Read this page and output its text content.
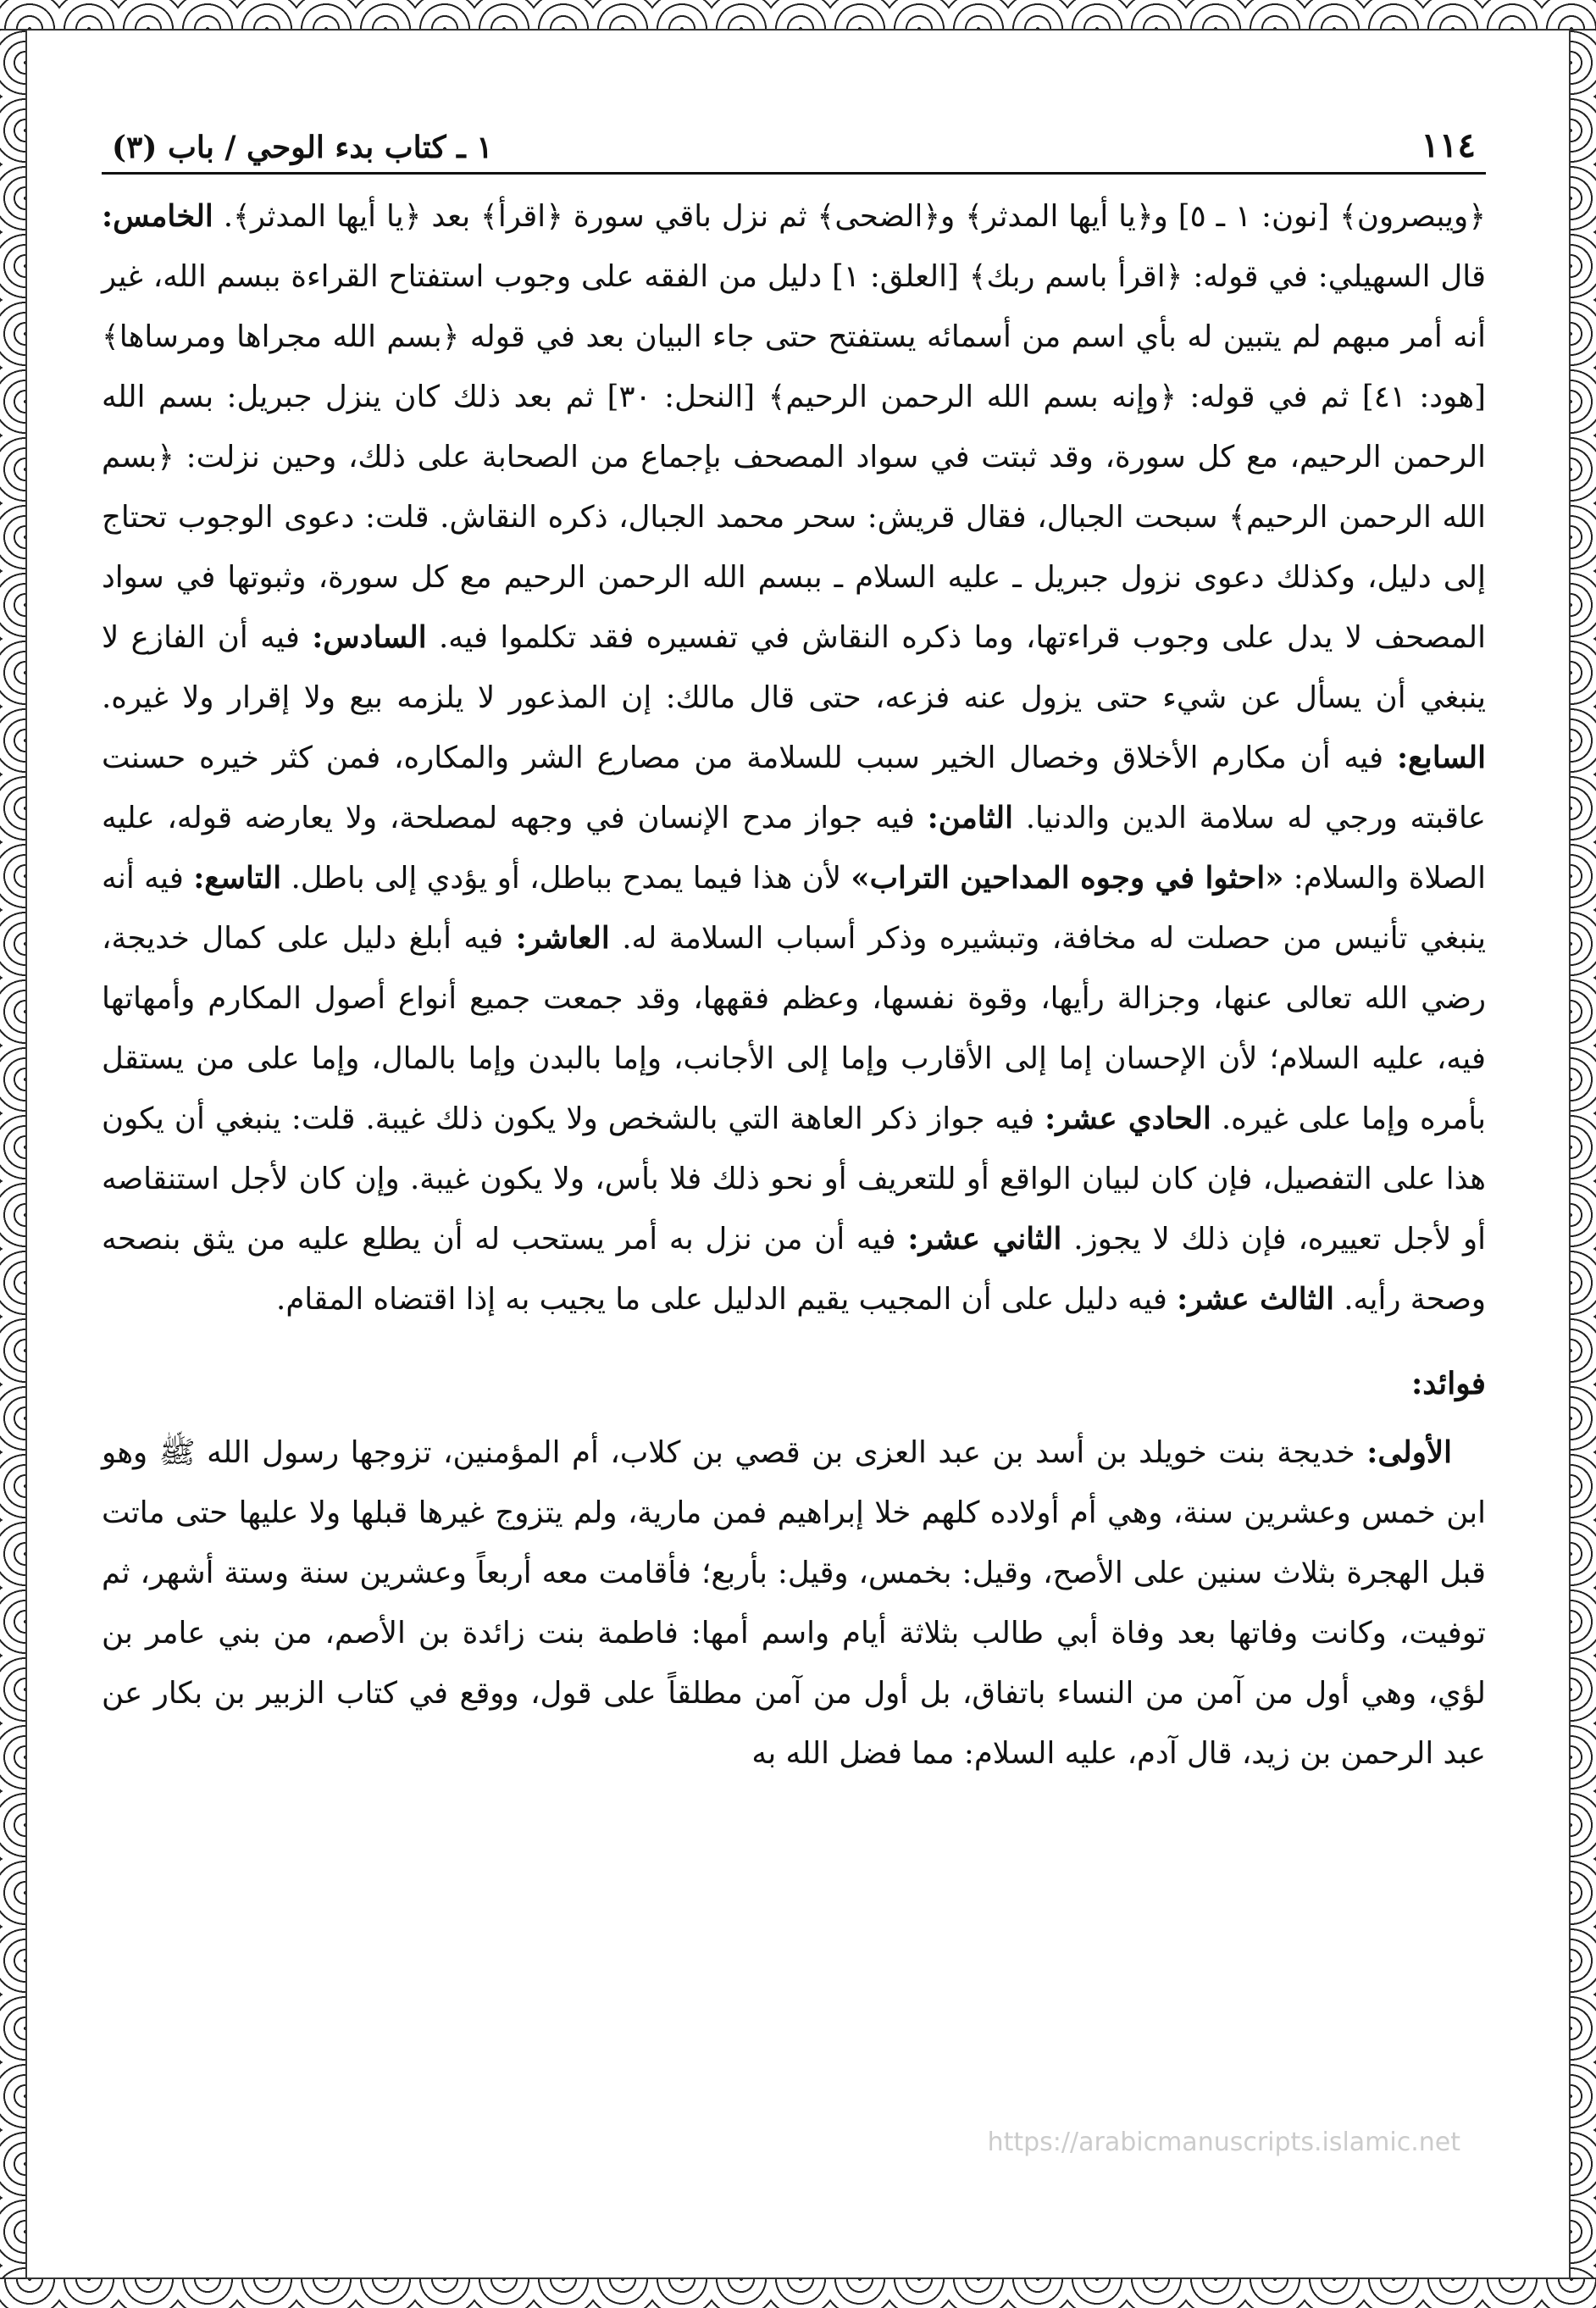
١١٤
١ ـ كتاب بدء الوحي / باب (٣)

﴿ويبصرون﴾ [نون: ١ ـ ٥] و﴿يا أيها المدثر﴾ و﴿الضحى﴾ ثم نزل باقي سورة ﴿اقرأ﴾ بعد ﴿يا أيها المدثر﴾. الخامس: قال السهيلي: في قوله: ﴿اقرأ باسم ربك﴾ [العلق: ١] دليل من الفقه على وجوب استفتاح القراءة ببسم الله، غير أنه أمر مبهم لم يتبين له بأي اسم من أسمائه يستفتح حتى جاء البيان بعد في قوله ﴿بسم الله مجراها ومرساها﴾ [هود: ٤١] ثم في قوله: ﴿وإنه بسم الله الرحمن الرحيم﴾ [النحل: ٣٠] ثم بعد ذلك كان ينزل جبريل: بسم الله الرحمن الرحيم، مع كل سورة، وقد ثبتت في سواد المصحف بإجماع من الصحابة على ذلك، وحين نزلت: ﴿بسم الله الرحمن الرحيم﴾ سبحت الجبال، فقال قريش: سحر محمد الجبال، ذكره النقاش. قلت: دعوى الوجوب تحتاج إلى دليل، وكذلك دعوى نزول جبريل ـ عليه السلام ـ ببسم الله الرحمن الرحيم مع كل سورة، وثبوتها في سواد المصحف لا يدل على وجوب قراءتها، وما ذكره النقاش في تفسيره فقد تكلموا فيه. السادس: فيه أن الفازع لا ينبغي أن يسأل عن شيء حتى يزول عنه فزعه، حتى قال مالك: إن المذعور لا يلزمه بيع ولا إقرار ولا غيره. السابع: فيه أن مكارم الأخلاق وخصال الخير سبب للسلامة من مصارع الشر والمكاره، فمن كثر خيره حسنت عاقبته ورجي له سلامة الدين والدنيا. الثامن: فيه جواز مدح الإنسان في وجهه لمصلحة، ولا يعارضه قوله، عليه الصلاة والسلام: «احثوا في وجوه المداحين التراب» لأن هذا فيما يمدح بباطل، أو يؤدي إلى باطل. التاسع: فيه أنه ينبغي تأنيس من حصلت له مخافة، وتبشيره وذكر أسباب السلامة له. العاشر: فيه أبلغ دليل على كمال خديجة، رضي الله تعالى عنها، وجزالة رأيها، وقوة نفسها، وعظم فقهها، وقد جمعت جميع أنواع أصول المكارم وأمهاتها فيه، عليه السلام؛ لأن الإحسان إما إلى الأقارب وإما إلى الأجانب، وإما بالبدن وإما بالمال، وإما على من يستقل بأمره وإما على غيره. الحادي عشر: فيه جواز ذكر العاهة التي بالشخص ولا يكون ذلك غيبة. قلت: ينبغي أن يكون هذا على التفصيل، فإن كان لبيان الواقع أو للتعريف أو نحو ذلك فلا بأس، ولا يكون غيبة. وإن كان لأجل استنقاصه أو لأجل تعييره، فإن ذلك لا يجوز. الثاني عشر: فيه أن من نزل به أمر يستحب له أن يطلع عليه من يثق بنصحه وصحة رأيه. الثالث عشر: فيه دليل على أن المجيب يقيم الدليل على ما يجيب به إذا اقتضاه المقام.

فوائد:

الأولى: خديجة بنت خويلد بن أسد بن عبد العزى بن قصي بن كلاب، أم المؤمنين، تزوجها رسول الله ﷺ وهو ابن خمس وعشرين سنة، وهي أم أولاده كلهم خلا إبراهيم فمن مارية، ولم يتزوج غيرها قبلها ولا عليها حتى ماتت قبل الهجرة بثلاث سنين على الأصح، وقيل: بخمس، وقيل: بأربع؛ فأقامت معه أربعاً وعشرين سنة وستة أشهر، ثم توفيت، وكانت وفاتها بعد وفاة أبي طالب بثلاثة أيام واسم أمها: فاطمة بنت زائدة بن الأصم، من بني عامر بن لؤي، وهي أول من آمن من النساء باتفاق، بل أول من آمن مطلقاً على قول، ووقع في كتاب الزبير بن بكار عن عبد الرحمن بن زيد، قال آدم، عليه السلام: مما فضل الله به

https://arabicmanuscripts.islamic.net
